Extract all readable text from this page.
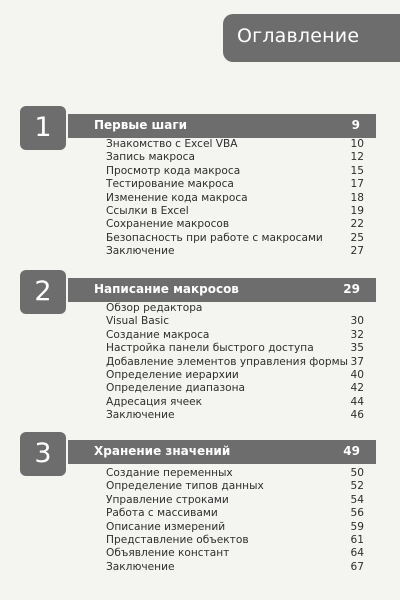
Оглавление
1	Первые шаги	9
Знакомство с Excel VBA	10
Запись макроса	12
Просмотр кода макроса	15
Тестирование макроса	17
Изменение кода макроса	18
Ссылки в Excel	19
Сохранение макросов	22
Безопасность при работе с макросами	25
Заключение	27
2	Написание макросов	29
Обзор редактора
Visual Basic	30
Создание макроса	32
Настройка панели быстрого доступа	35
Добавление элементов управления формы 37
Определение иерархии	40
Определение диапазона	42
Адресация ячеек	44
Заключение	46
3	Хранение значений	49
Создание переменных	50
Определение типов данных	52
Управление строками	54
Работа с массивами	56
Описание измерений	59
Представление объектов	61
Объявление констант	64
Заключение	67
